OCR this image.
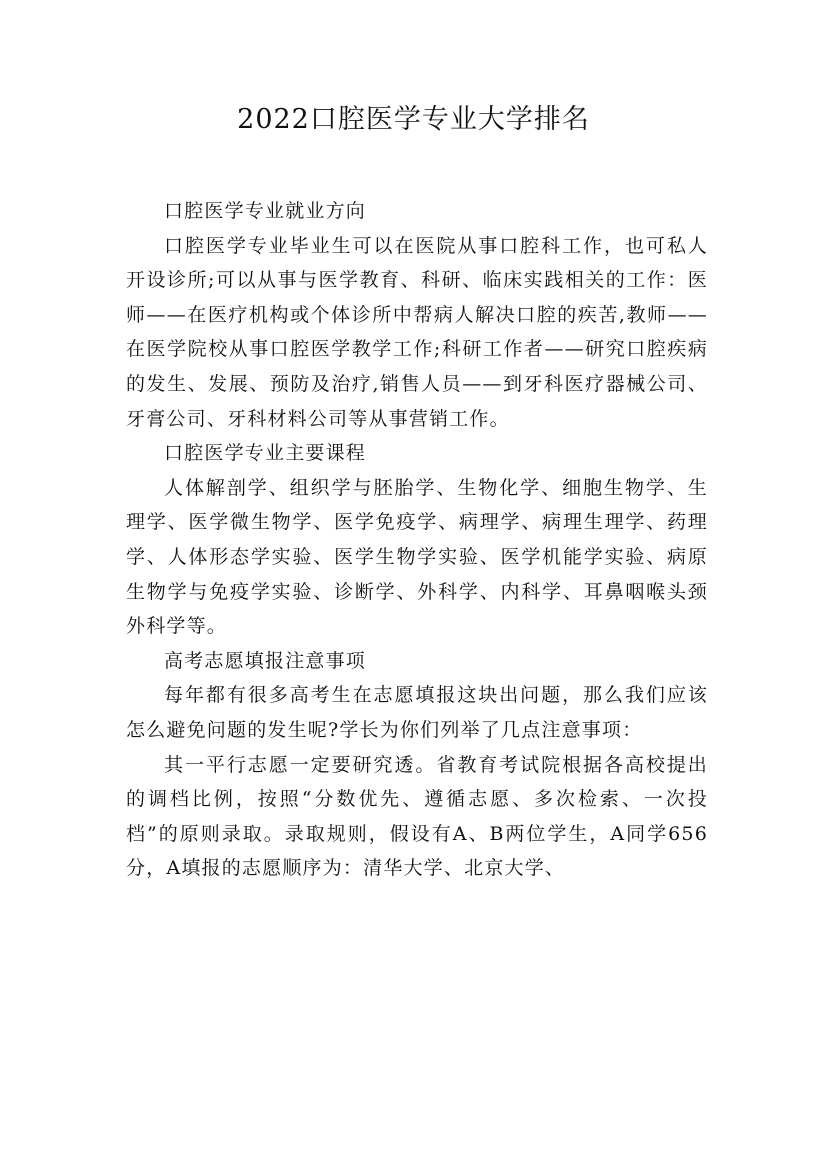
2022口腔医学专业大学排名

口腔医学专业就业方向

口腔医学专业毕业生可以在医院从事口腔科工作，也可私人开设诊所;可以从事与医学教育、科研、临床实践相关的工作：医师——在医疗机构或个体诊所中帮病人解决口腔的疾苦,教师——在医学院校从事口腔医学教学工作;科研工作者——研究口腔疾病的发生、发展、预防及治疗,销售人员——到牙科医疗器械公司、牙膏公司、牙科材料公司等从事营销工作。

口腔医学专业主要课程

人体解剖学、组织学与胚胎学、生物化学、细胞生物学、生理学、医学微生物学、医学免疫学、病理学、病理生理学、药理学、人体形态学实验、医学生物学实验、医学机能学实验、病原生物学与免疫学实验、诊断学、外科学、内科学、耳鼻咽喉头颈外科学等。

高考志愿填报注意事项

每年都有很多高考生在志愿填报这块出问题，那么我们应该怎么避免问题的发生呢?学长为你们列举了几点注意事项：

其一平行志愿一定要研究透。省教育考试院根据各高校提出的调档比例，按照“分数优先、遵循志愿、多次检索、一次投档”的原则录取。录取规则，假设有A、B两位学生，A同学656分，A填报的志愿顺序为：清华大学、北京大学、
